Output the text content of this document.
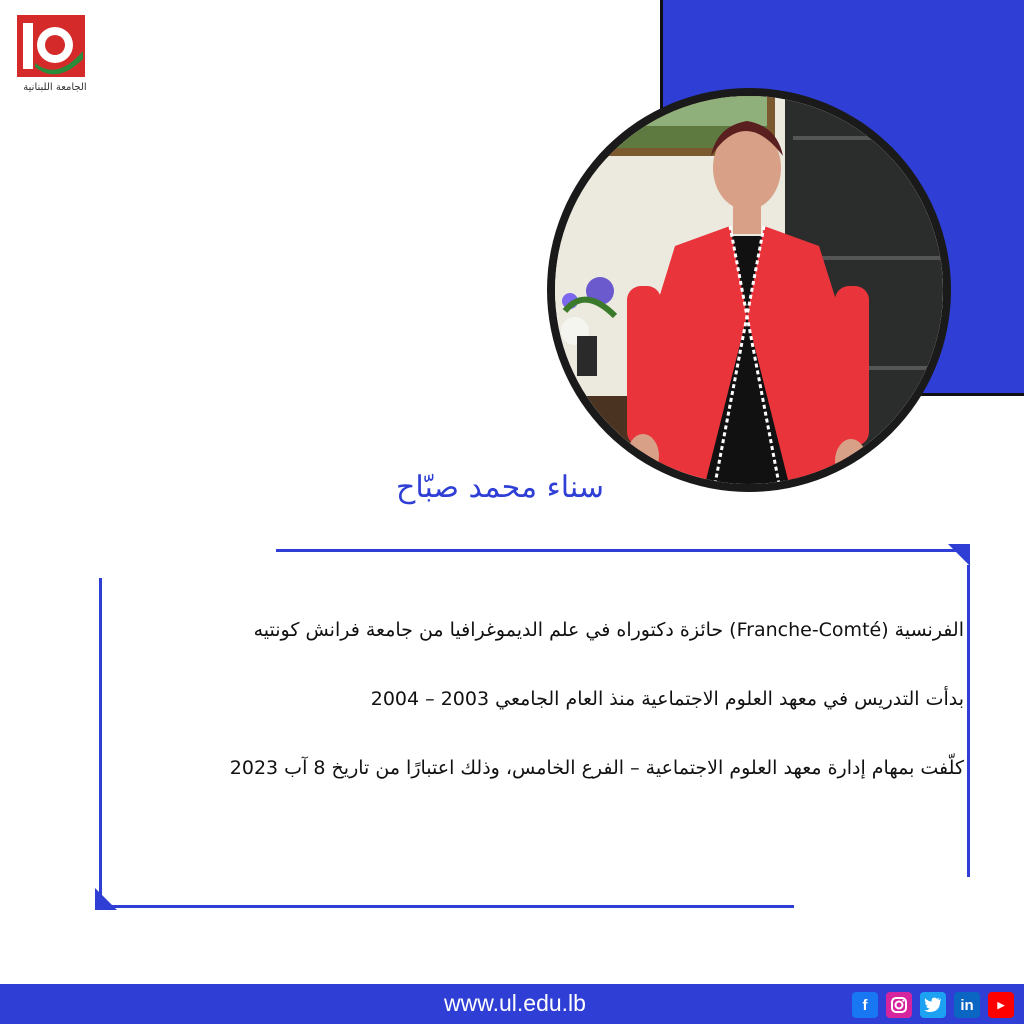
الجامعة اللبنانية
سناء محمد صبّاح
الفرنسية (Franche-Comté) حائزة دكتوراه في علم الديموغرافيا من جامعة فرانش كونتيه
بدأت التدريس في معهد العلوم الاجتماعية منذ العام الجامعي 2003 – 2004
كلّفت بمهام إدارة معهد العلوم الاجتماعية – الفرع الخامس، وذلك اعتبارًا من تاريخ 8 آب 2023
www.ul.edu.lb	f	in	▶
